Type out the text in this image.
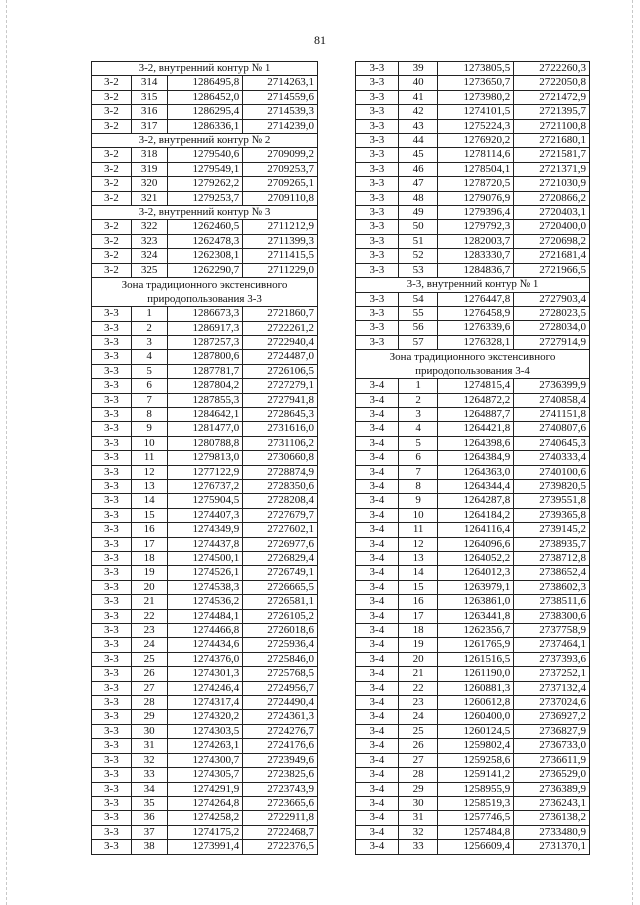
81
3-2, внутренний контур № 1			
3-2	314	1286495,8	2714263,1
3-2	315	1286452,0	2714559,6
3-2	316	1286295,4	2714539,3
3-2	317	1286336,1	2714239,0
3-2, внутренний контур № 2			
3-2	318	1279540,6	2709099,2
3-2	319	1279549,1	2709253,7
3-2	320	1279262,2	2709265,1
3-2	321	1279253,7	2709110,8
3-2, внутренний контур № 3			
3-2	322	1262460,5	2711212,9
3-2	323	1262478,3	2711399,3
3-2	324	1262308,1	2711415,5
3-2	325	1262290,7	2711229,0

Зона традиционного экстенсивного
природопользования 3-3			

3-3	1	1286673,3	2721860,7
3-3	2	1286917,3	2722261,2
3-3	3	1287257,3	2722940,4
3-3	4	1287800,6	2724487,0
3-3	5	1287781,7	2726106,5
3-3	6	1287804,2	2727279,1
3-3	7	1287855,3	2727941,8
3-3	8	1284642,1	2728645,3
3-3	9	1281477,0	2731616,0
3-3	10	1280788,8	2731106,2
3-3	11	1279813,0	2730660,8
3-3	12	1277122,9	2728874,9
3-3	13	1276737,2	2728350,6
3-3	14	1275904,5	2728208,4
3-3	15	1274407,3	2727679,7
3-3	16	1274349,9	2727602,1
3-3	17	1274437,8	2726977,6
3-3	18	1274500,1	2726829,4
3-3	19	1274526,1	2726749,1
3-3	20	1274538,3	2726665,5
3-3	21	1274536,2	2726581,1
3-3	22	1274484,1	2726105,2
3-3	23	1274466,8	2726018,6
3-3	24	1274434,6	2725936,4
3-3	25	1274376,0	2725846,0
3-3	26	1274301,3	2725768,5
3-3	27	1274246,4	2724956,7
3-3	28	1274317,4	2724490,4
3-3	29	1274320,2	2724361,3
3-3	30	1274303,5	2724276,7
3-3	31	1274263,1	2724176,6
3-3	32	1274300,7	2723949,6
3-3	33	1274305,7	2723825,6
3-3	34	1274291,9	2723743,9
3-3	35	1274264,8	2723665,6
3-3	36	1274258,2	2722911,8
3-3	37	1274175,2	2722468,7
3-3	38	1273991,4	2722376,5
3-3	39	1273805,5	2722260,3
3-3	40	1273650,7	2722050,8
3-3	41	1273980,2	2721472,9
3-3	42	1274101,5	2721395,7
3-3	43	1275224,3	2721100,8
3-3	44	1276920,2	2721680,1
3-3	45	1278114,6	2721581,7
3-3	46	1278504,1	2721371,9
3-3	47	1278720,5	2721030,9
3-3	48	1279076,9	2720866,2
3-3	49	1279396,4	2720403,1
3-3	50	1279792,3	2720400,0
3-3	51	1282003,7	2720698,2
3-3	52	1283330,7	2721681,4
3-3	53	1284836,7	2721966,5
3-3, внутренний контур № 1			
3-3	54	1276447,8	2727903,4
3-3	55	1276458,9	2728023,5
3-3	56	1276339,6	2728034,0
3-3	57	1276328,1	2727914,9

Зона традиционного экстенсивного
природопользования 3-4			

3-4	1	1274815,4	2736399,9
3-4	2	1264872,2	2740858,4
3-4	3	1264887,7	2741151,8
3-4	4	1264421,8	2740807,6
3-4	5	1264398,6	2740645,3
3-4	6	1264384,9	2740333,4
3-4	7	1264363,0	2740100,6
3-4	8	1264344,4	2739820,5
3-4	9	1264287,8	2739551,8
3-4	10	1264184,2	2739365,8
3-4	11	1264116,4	2739145,2
3-4	12	1264096,6	2738935,7
3-4	13	1264052,2	2738712,8
3-4	14	1264012,3	2738652,4
3-4	15	1263979,1	2738602,3
3-4	16	1263861,0	2738511,6
3-4	17	1263441,8	2738300,6
3-4	18	1262356,7	2737758,9
3-4	19	1261765,9	2737464,1
3-4	20	1261516,5	2737393,6
3-4	21	1261190,0	2737252,1
3-4	22	1260881,3	2737132,4
3-4	23	1260612,8	2737024,6
3-4	24	1260400,0	2736927,2
3-4	25	1260124,5	2736827,9
3-4	26	1259802,4	2736733,0
3-4	27	1259258,6	2736611,9
3-4	28	1259141,2	2736529,0
3-4	29	1258955,9	2736389,9
3-4	30	1258519,3	2736243,1
3-4	31	1257746,5	2736138,2
3-4	32	1257484,8	2733480,9
3-4	33	1256609,4	2731370,1
